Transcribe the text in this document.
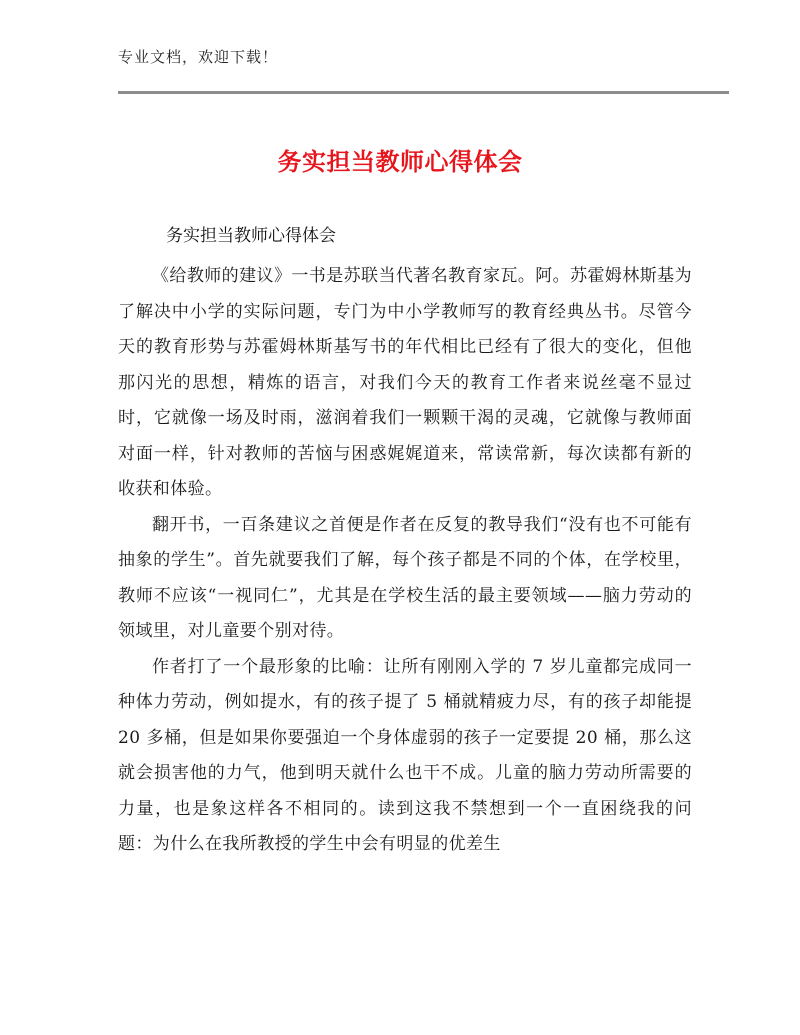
专业文档，欢迎下载！
务实担当教师心得体会
务实担当教师心得体会

《给教师的建议》一书是苏联当代著名教育家瓦。阿。苏霍姆林斯基为了解决中小学的实际问题，专门为中小学教师写的教育经典丛书。尽管今天的教育形势与苏霍姆林斯基写书的年代相比已经有了很大的变化，但他那闪光的思想，精炼的语言，对我们今天的教育工作者来说丝毫不显过时，它就像一场及时雨，滋润着我们一颗颗干渴的灵魂，它就像与教师面对面一样，针对教师的苦恼与困惑娓娓道来，常读常新，每次读都有新的收获和体验。

翻开书，一百条建议之首便是作者在反复的教导我们“没有也不可能有抽象的学生”。首先就要我们了解，每个孩子都是不同的个体，在学校里，教师不应该“一视同仁”，尤其是在学校生活的最主要领域——脑力劳动的领域里，对儿童要个别对待。

作者打了一个最形象的比喻：让所有刚刚入学的 7 岁儿童都完成同一种体力劳动，例如提水，有的孩子提了 5 桶就精疲力尽，有的孩子却能提 20 多桶，但是如果你要强迫一个身体虚弱的孩子一定要提 20 桶，那么这就会损害他的力气，他到明天就什么也干不成。儿童的脑力劳动所需要的力量，也是象这样各不相同的。读到这我不禁想到一个一直困绕我的问题：为什么在我所教授的学生中会有明显的优差生
